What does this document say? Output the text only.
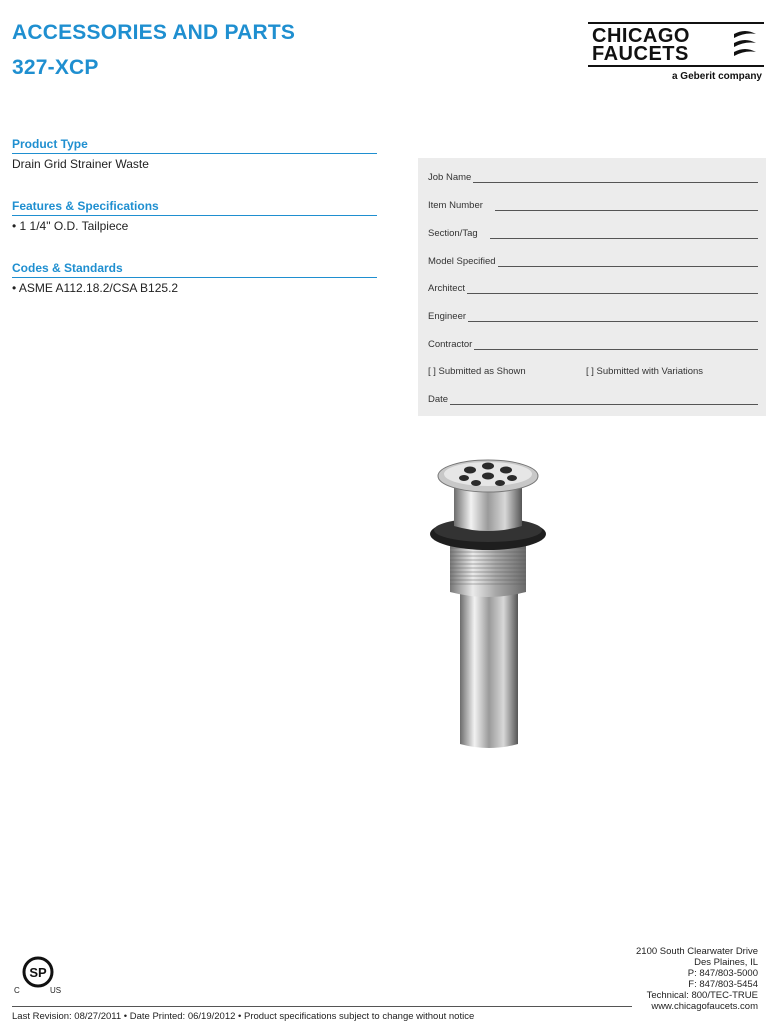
ACCESSORIES AND PARTS
327-XCP
CHICAGO
FAUCETS
a Geberit company
Product Type
Drain Grid Strainer Waste
Features & Specifications
• 1 1/4" O.D. Tailpiece
Codes & Standards
• ASME A112.18.2/CSA B125.2
Job Name
Item Number
Section/Tag
Model Specified
Architect
Engineer
Contractor
[ ] Submitted as Shown	[ ] Submitted with Variations
Date
SP
C	US
2100 South Clearwater Drive
Des Plaines, IL
P: 847/803-5000
F: 847/803-5454
Technical: 800/TEC-TRUE
www.chicagofaucets.com
Last Revision: 08/27/2011 • Date Printed: 06/19/2012 • Product specifications subject to change without notice
